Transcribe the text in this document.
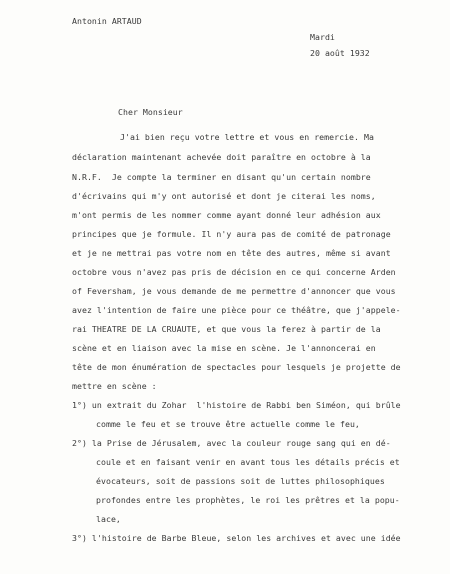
Antonin ARTAUD
Mardi
20 août 1932
Cher Monsieur
J'ai bien reçu votre lettre et vous en remercie. Ma
déclaration maintenant achevée doit paraître en octobre à la
N.R.F.  Je compte la terminer en disant qu'un certain nombre
d'écrivains qui m'y ont autorisé et dont je citerai les noms,
m'ont permis de les nommer comme ayant donné leur adhésion aux
principes que je formule. Il n'y aura pas de comité de patronage
et je ne mettrai pas votre nom en tête des autres, même si avant
octobre vous n'avez pas pris de décision en ce qui concerne Arden
of Feversham, je vous demande de me permettre d'annoncer que vous
avez l'intention de faire une pièce pour ce théâtre, que j'appele-
rai THEATRE DE LA CRUAUTE, et que vous la ferez à partir de la
scène et en liaison avec la mise en scène. Je l'annoncerai en
tête de mon énumération de spectacles pour lesquels je projette de
mettre en scène :
1°) un extrait du Zohar  l'histoire de Rabbi ben Siméon, qui brûle
comme le feu et se trouve être actuelle comme le feu,
2°) la Prise de Jérusalem, avec la couleur rouge sang qui en dé-
coule et en faisant venir en avant tous les détails précis et
évocateurs, soit de passions soit de luttes philosophiques
profondes entre les prophètes, le roi les prêtres et la popu-
lace,
3°) l'histoire de Barbe Bleue, selon les archives et avec une idée
